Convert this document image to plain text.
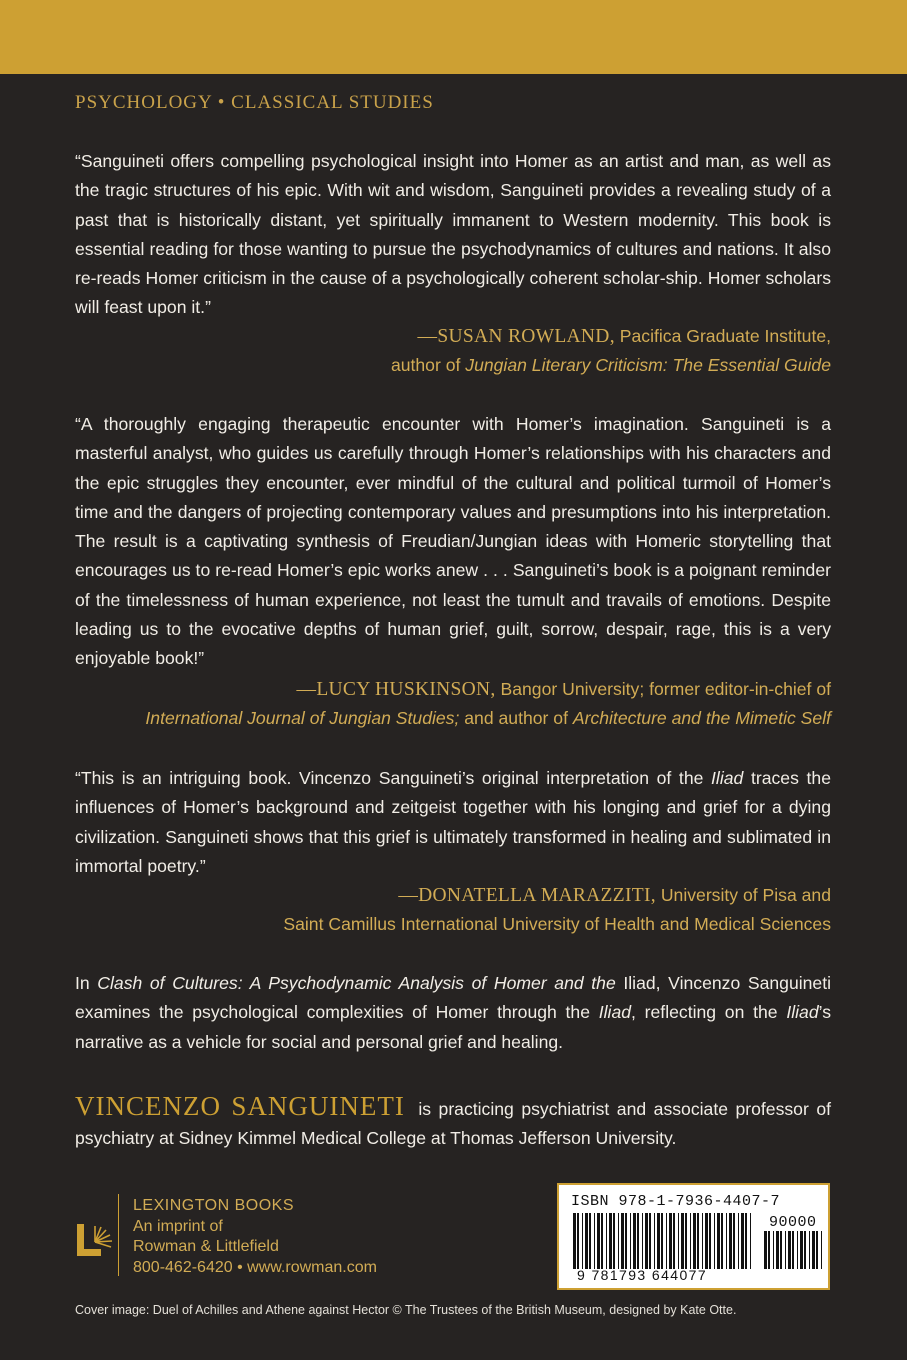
PSYCHOLOGY • CLASSICAL STUDIES

“Sanguineti offers compelling psychological insight into Homer as an artist and man, as well as the tragic structures of his epic. With wit and wisdom, Sanguineti provides a revealing study of a past that is historically distant, yet spiritually immanent to Western modernity. This book is essential reading for those wanting to pursue the psychodynamics of cultures and nations. It also re-reads Homer criticism in the cause of a psychologically coherent scholar-ship. Homer scholars will feast upon it.”

—SUSAN ROWLAND, Pacifica Graduate Institute,
author of Jungian Literary Criticism: The Essential Guide

“A thoroughly engaging therapeutic encounter with Homer’s imagination. Sanguineti is a masterful analyst, who guides us carefully through Homer’s relationships with his characters and the epic struggles they encounter, ever mindful of the cultural and political turmoil of Homer’s time and the dangers of projecting contemporary values and presumptions into his interpretation. The result is a captivating synthesis of Freudian/Jungian ideas with Homeric storytelling that encourages us to re-read Homer’s epic works anew . . . Sanguineti’s book is a poignant reminder of the timelessness of human experience, not least the tumult and travails of emotions. Despite leading us to the evocative depths of human grief, guilt, sorrow, despair, rage, this is a very enjoyable book!”

—LUCY HUSKINSON, Bangor University; former editor-in-chief of
International Journal of Jungian Studies; and author of Architecture and the Mimetic Self

“This is an intriguing book. Vincenzo Sanguineti’s original interpretation of the Iliad traces the influences of Homer’s background and zeitgeist together with his longing and grief for a dying civilization. Sanguineti shows that this grief is ultimately transformed in healing and sublimated in immortal poetry.”

—DONATELLA MARAZZITI, University of Pisa and
Saint Camillus International University of Health and Medical Sciences

In Clash of Cultures: A Psychodynamic Analysis of Homer and the Iliad, Vincenzo Sanguineti examines the psychological complexities of Homer through the Iliad, reflecting on the Iliad’s narrative as a vehicle for social and personal grief and healing.

VINCENZO SANGUINETI is practicing psychiatrist and associate professor of psychiatry at Sidney Kimmel Medical College at Thomas Jefferson University.

LEXINGTON BOOKS
An imprint of
Rowman & Littlefield
800-462-6420 • www.rowman.com
ISBN 978-1-7936-4407-7
90000
9 781793 644077
Cover image: Duel of Achilles and Athene against Hector © The Trustees of the British Museum, designed by Kate Otte.
